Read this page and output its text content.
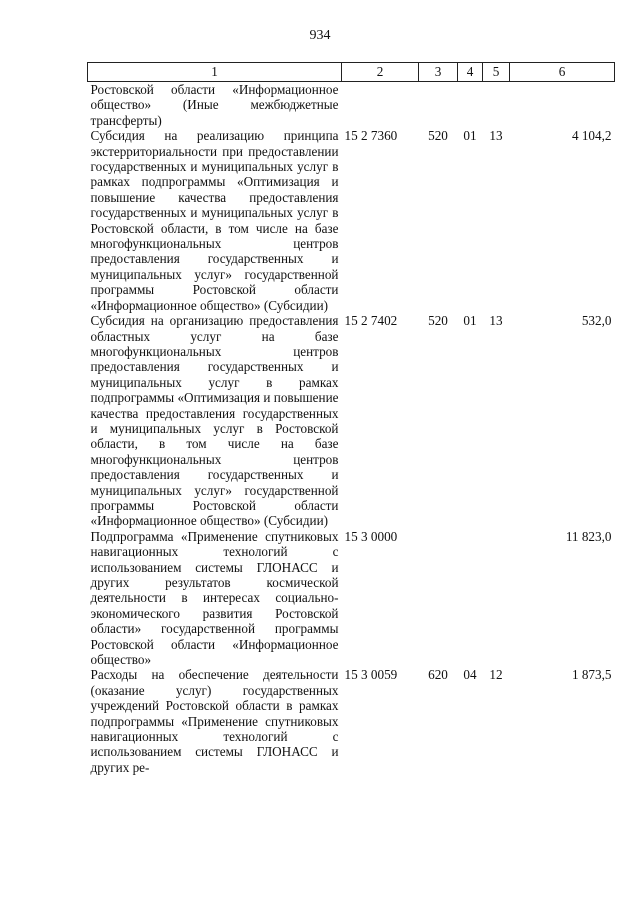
934
1	2	3	4	5	6
Ростовской области «Информационное общество» (Иные межбюджетные трансферты)					
Субсидия на реализацию принципа экстерриториальности при предоставлении государственных и муниципальных услуг в рамках подпрограммы «Оптимизация и повышение качества предоставления государственных и муниципальных услуг в Ростовской области, в том числе на базе многофункциональных центров предоставления государственных и муниципальных услуг» государственной программы Ростовской области «Информационное общество» (Субсидии)	15 2 7360	520	01	13	4 104,2
Субсидия на организацию предоставления областных услуг на базе многофункциональных центров предоставления государственных и муниципальных услуг в рамках подпрограммы «Оптимизация и повышение качества предоставления государственных и муниципальных услуг в Ростовской области, в том числе на базе многофункциональных центров предоставления государственных и муниципальных услуг» государственной программы Ростовской области «Информационное общество» (Субсидии)	15 2 7402	520	01	13	532,0
Подпрограмма «Применение спутниковых навигационных технологий с использованием системы ГЛОНАСС и других результатов космической деятельности в интересах социально-экономического развития Ростовской области» государственной программы Ростовской области «Информационное общество»	15 3 0000				11 823,0
Расходы на обеспечение деятельности (оказание услуг) государственных учреждений Ростовской области в рамках подпрограммы «Применение спутниковых навигационных технологий с использованием системы ГЛОНАСС и других ре-	15 3 0059	620	04	12	1 873,5
